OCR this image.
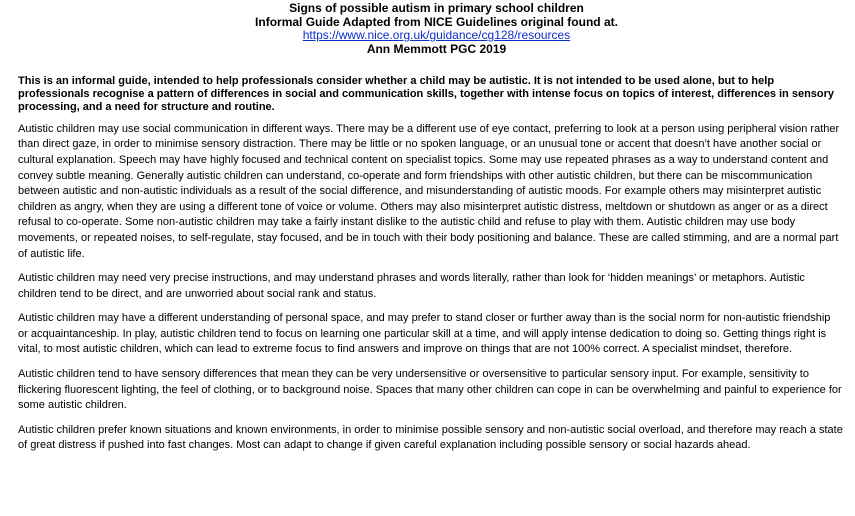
Signs of possible autism in primary school children
Informal Guide Adapted from NICE Guidelines original found at.
https://www.nice.org.uk/guidance/cg128/resources
Ann Memmott PGC 2019
This is an informal guide, intended to help professionals consider whether a child may be autistic. It is not intended to be used alone, but to help professionals recognise a pattern of differences in social and communication skills, together with intense focus on topics of interest, differences in sensory processing, and a need for structure and routine.
Autistic children may use social communication in different ways. There may be a different use of eye contact, preferring to look at a person using peripheral vision rather than direct gaze, in order to minimise sensory distraction. There may be little or no spoken language, or an unusual tone or accent that doesn’t have another social or cultural explanation. Speech may have highly focused and technical content on specialist topics. Some may use repeated phrases as a way to understand content and convey subtle meaning. Generally autistic children can understand, co-operate and form friendships with other autistic children, but there can be miscommunication between autistic and non-autistic individuals as a result of the social difference, and misunderstanding of autistic moods. For example others may misinterpret autistic children as angry, when they are using a different tone of voice or volume. Others may also misinterpret autistic distress, meltdown or shutdown as anger or as a direct refusal to co-operate. Some non-autistic children may take a fairly instant dislike to the autistic child and refuse to play with them. Autistic children may use body movements, or repeated noises, to self-regulate, stay focused, and be in touch with their body positioning and balance. These are called stimming, and are a normal part of autistic life.
Autistic children may need very precise instructions, and may understand phrases and words literally, rather than look for ‘hidden meanings’ or metaphors. Autistic children tend to be direct, and are unworried about social rank and status.
Autistic children may have a different understanding of personal space, and may prefer to stand closer or further away than is the social norm for non-autistic friendship or acquaintanceship. In play, autistic children tend to focus on learning one particular skill at a time, and will apply intense dedication to doing so. Getting things right is vital, to most autistic children, which can lead to extreme focus to find answers and improve on things that are not 100% correct. A specialist mindset, therefore.
Autistic children tend to have sensory differences that mean they can be very undersensitive or oversensitive to particular sensory input. For example, sensitivity to flickering fluorescent lighting, the feel of clothing, or to background noise. Spaces that many other children can cope in can be overwhelming and painful to experience for some autistic children.
Autistic children prefer known situations and known environments, in order to minimise possible sensory and non-autistic social overload, and therefore may reach a state of great distress if pushed into fast changes. Most can adapt to change if given careful explanation including possible sensory or social hazards ahead.
